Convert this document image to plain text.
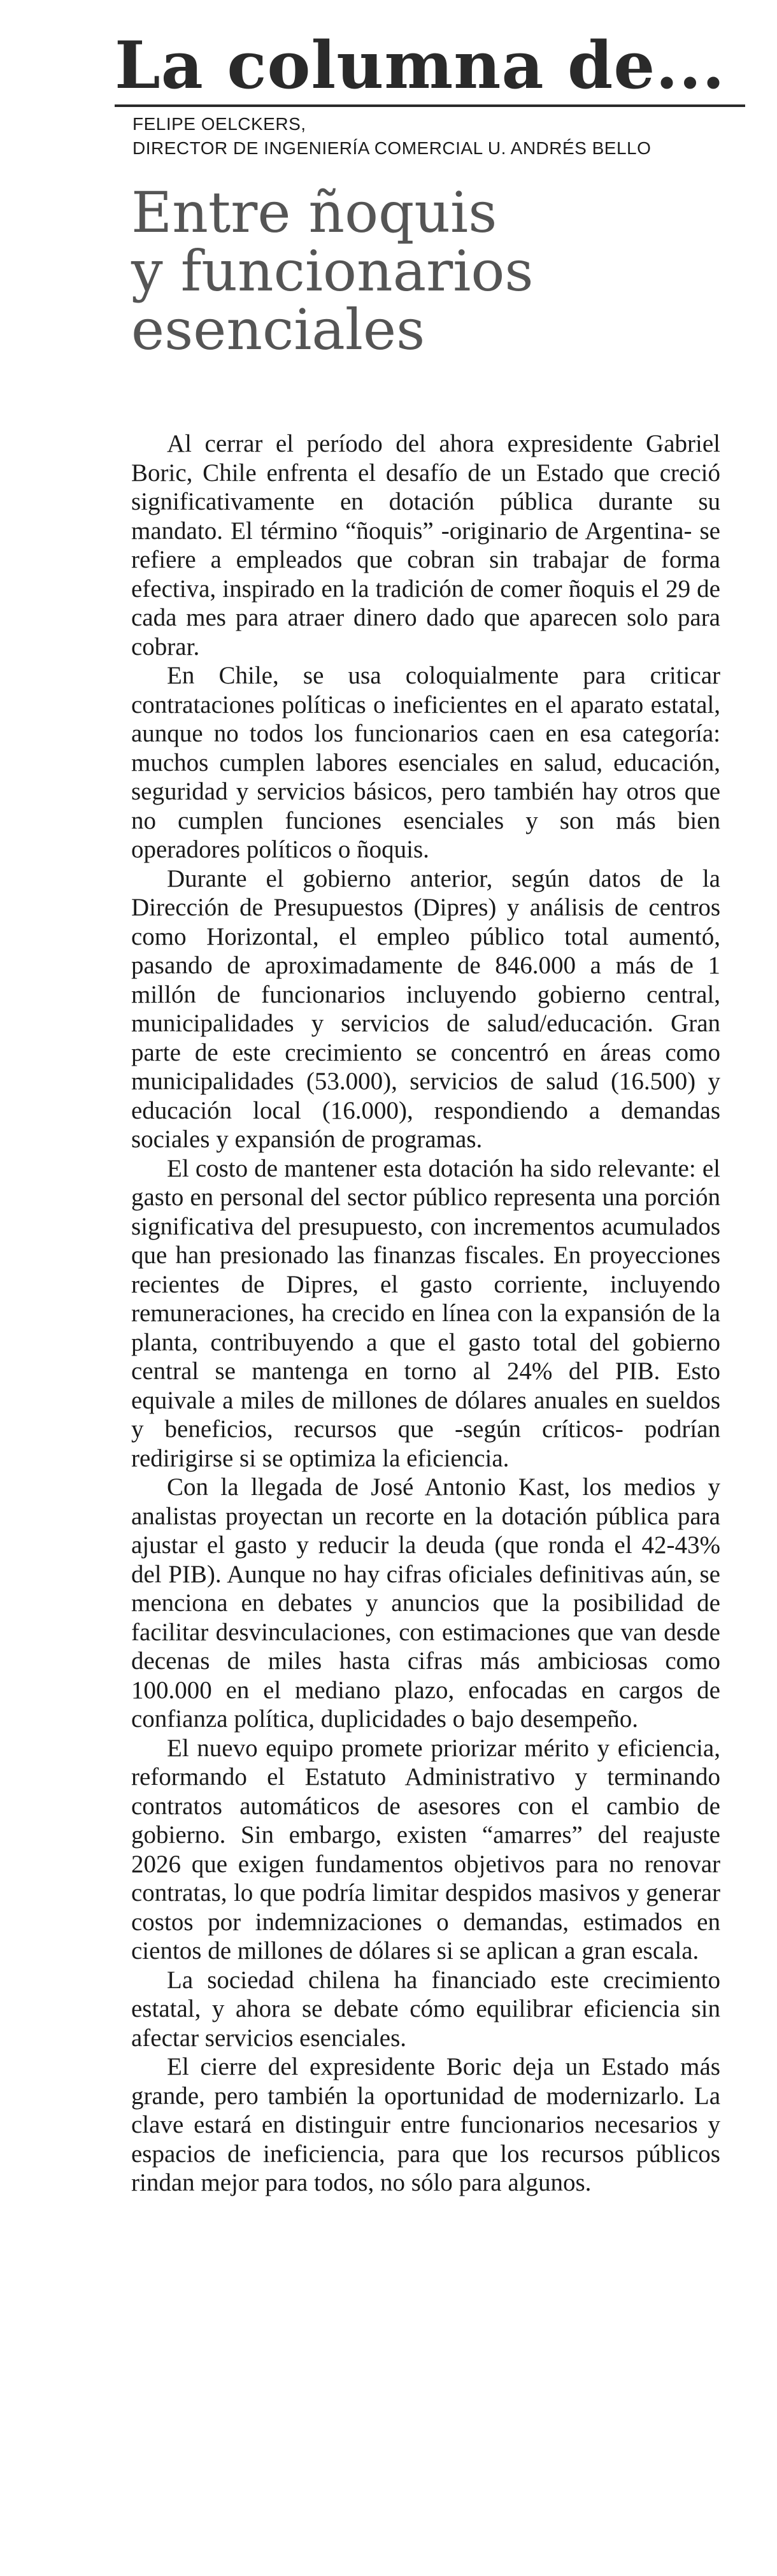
La columna de...
FELIPE OELCKERS,
DIRECTOR DE INGENIERÍA COMERCIAL U. ANDRÉS BELLO
Entre ñoquis
y funcionarios
esenciales

Al cerrar el período del ahora expresidente Gabriel Boric, Chile enfrenta el desafío de un Estado que creció significativamente en dotación pública durante su mandato. El término “ñoquis” -originario de Argentina- se refiere a empleados que cobran sin trabajar de forma efectiva, inspirado en la tradición de comer ñoquis el 29 de cada mes para atraer dinero dado que aparecen solo para cobrar.

En Chile, se usa coloquialmente para criticar contrataciones políticas o ineficientes en el aparato estatal, aunque no todos los funcionarios caen en esa categoría: muchos cumplen labores esenciales en salud, educación, seguridad y servicios básicos, pero también hay otros que no cumplen funciones esenciales y son más bien operadores políticos o ñoquis.

Durante el gobierno anterior, según datos de la Dirección de Presupuestos (Dipres) y análisis de centros como Horizontal, el empleo público total aumentó, pasando de aproximadamente de 846.000 a más de 1 millón de funcionarios incluyendo gobierno central, municipalidades y servicios de salud/educación. Gran parte de este crecimiento se concentró en áreas como municipalidades (53.000), servicios de salud (16.500) y educación local (16.000), respondiendo a demandas sociales y expansión de programas.

El costo de mantener esta dotación ha sido relevante: el gasto en personal del sector público representa una porción significativa del presupuesto, con incrementos acumulados que han presionado las finanzas fiscales. En proyecciones recientes de Dipres, el gasto corriente, incluyendo remuneraciones, ha crecido en línea con la expansión de la planta, contribuyendo a que el gasto total del gobierno central se mantenga en torno al 24% del PIB. Esto equivale a miles de millones de dólares anuales en sueldos y beneficios, recursos que -según críticos- podrían redirigirse si se optimiza la eficiencia.

Con la llegada de José Antonio Kast, los medios y analistas proyectan un recorte en la dotación pública para ajustar el gasto y reducir la deuda (que ronda el 42-43% del PIB). Aunque no hay cifras oficiales definitivas aún, se menciona en debates y anuncios que la posibilidad de facilitar desvinculaciones, con estimaciones que van desde decenas de miles hasta cifras más ambiciosas como 100.000 en el mediano plazo, enfocadas en cargos de confianza política, duplicidades o bajo desempeño.

El nuevo equipo promete priorizar mérito y eficiencia, reformando el Estatuto Administrativo y terminando contratos automáticos de asesores con el cambio de gobierno. Sin embargo, existen “amarres” del reajuste 2026 que exigen fundamentos objetivos para no renovar contratas, lo que podría limitar despidos masivos y generar costos por indemnizaciones o demandas, estimados en cientos de millones de dólares si se aplican a gran escala.

La sociedad chilena ha financiado este crecimiento estatal, y ahora se debate cómo equilibrar eficiencia sin afectar servicios esenciales.

El cierre del expresidente Boric deja un Estado más grande, pero también la oportunidad de modernizarlo. La clave estará en distinguir entre funcionarios necesarios y espacios de ineficiencia, para que los recursos públicos rindan mejor para todos, no sólo para algunos.
